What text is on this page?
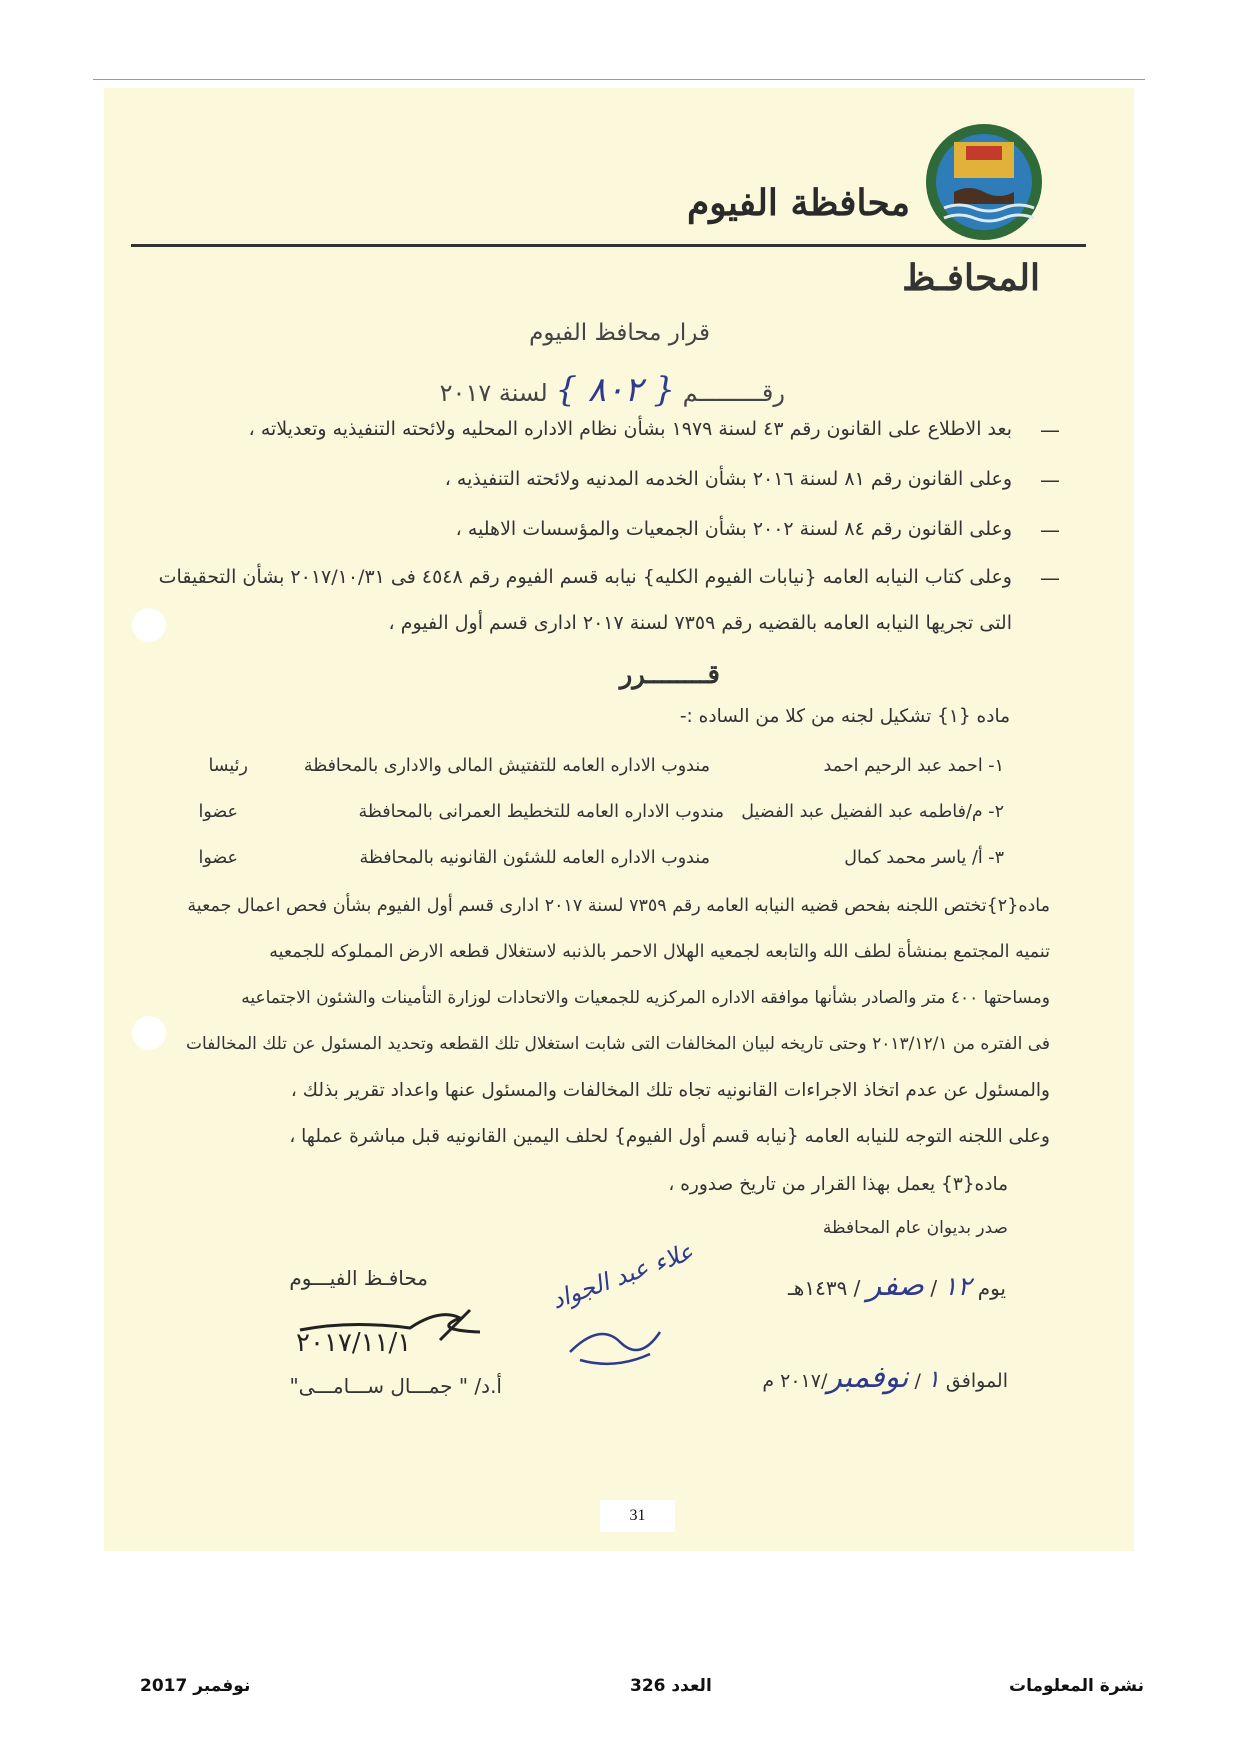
محافظة الفيوم
المحافـظ
قرار محافظ الفيوم
رقـــــــــم { ٨٠٢ } لسنة ٢٠١٧
—
بعد الاطلاع على القانون رقم ٤٣ لسنة ١٩٧٩ بشأن نظام الاداره المحليه ولائحته التنفيذيه وتعديلاته ،
—
وعلى القانون رقم ٨١ لسنة ٢٠١٦ بشأن الخدمه المدنيه ولائحته التنفيذيه ،
—
وعلى القانون رقم ٨٤ لسنة ٢٠٠٢ بشأن الجمعيات والمؤسسات الاهليه ،
—
وعلى كتاب النيابه العامه {نيابات الفيوم الكليه} نيابه قسم الفيوم رقم ٤٥٤٨ فى ٢٠١٧/١٠/٣١ بشأن التحقيقات
التى تجريها النيابه العامه بالقضيه رقم ٧٣٥٩ لسنة ٢٠١٧ ادارى قسم أول الفيوم ،
قــــــــرر
ماده {١} تشكيل لجنه من كلا من الساده :-
١- احمد عبد الرحيم احمد
مندوب الاداره العامه للتفتيش المالى والادارى بالمحافظة
رئيسا
٢- م/فاطمه عبد الفضيل عبد الفضيل
مندوب الاداره العامه للتخطيط العمرانى بالمحافظة
عضوا
٣- أ/ ياسر محمد كمال
مندوب الاداره العامه للشئون القانونيه بالمحافظة
عضوا
ماده{٢}تختص اللجنه بفحص قضيه النيابه العامه رقم ٧٣٥٩ لسنة ٢٠١٧ ادارى قسم أول الفيوم بشأن فحص اعمال جمعية
تنميه المجتمع بمنشأة لطف الله والتابعه لجمعيه الهلال الاحمر بالذنبه لاستغلال قطعه الارض المملوكه للجمعيه
ومساحتها ٤٠٠ متر والصادر بشأنها موافقه الاداره المركزيه للجمعيات والاتحادات لوزارة التأمينات والشئون الاجتماعيه
فى الفتره من ٢٠١٣/١٢/١ وحتى تاريخه لبيان المخالفات التى شابت استغلال تلك القطعه وتحديد المسئول عن تلك المخالفات
والمسئول عن عدم اتخاذ الاجراءات القانونيه تجاه تلك المخالفات والمسئول عنها واعداد تقرير بذلك ،
وعلى اللجنه التوجه للنيابه العامه {نيابه قسم أول الفيوم} لحلف اليمين القانونيه قبل مباشرة عملها ،
ماده{٣} يعمل بهذا القرار من تاريخ صدوره ،
صدر بديوان عام المحافظة
يوم ١٢ / صفر / ١٤٣٩هـ
الموافق ١ / نوفمبر/٢٠١٧ م
علاء عبد الجواد
محافـظ الفيـــوم
٢٠١٧/١١/١
أ.د/ " جمـــال ســـامـــى"
31
نشرة المعلومات
العدد 326
نوفمبر 2017
